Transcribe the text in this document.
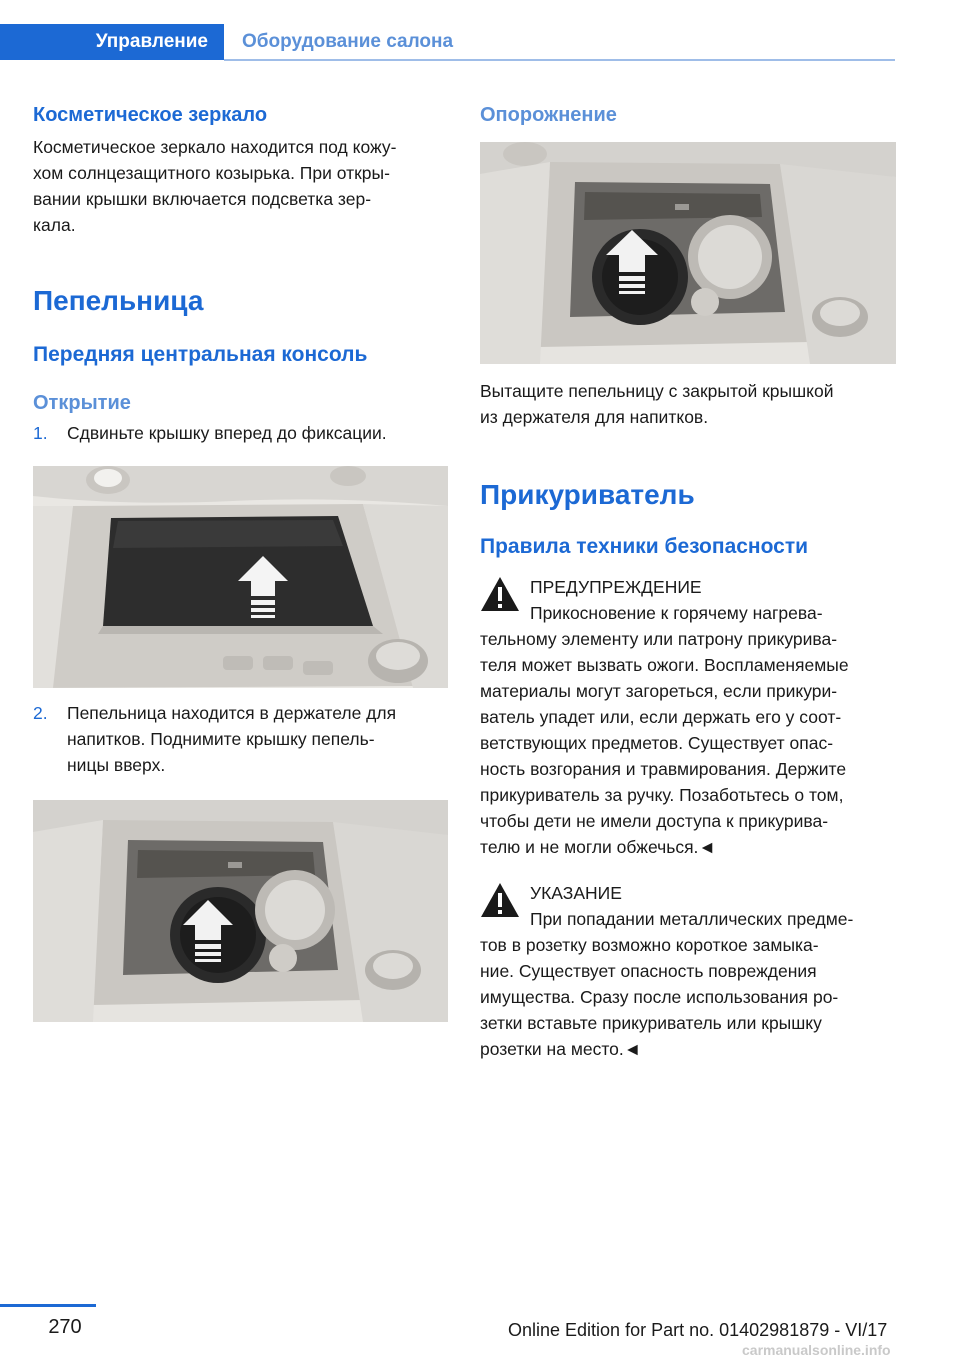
Управление	Оборудование салона
Косметическое зеркало

Косметическое зеркало находится под кожу-
хом солнцезащитного козырька. При откры-
вании крышки включается подсветка зер-
кала.

Пепельница
Передняя центральная консоль
Открытие
1. Сдвиньте крышку вперед до фиксации.
2. Пепельница находится в держателе для
напитков. Поднимите крышку пепель-
ницы вверх.
Опорожнение

Вытащите пепельницу с закрытой крышкой
из держателя для напитков.

Прикуриватель
Правила техники безопасности
ПРЕДУПРЕЖДЕНИЕ
Прикосновение к горячему нагрева-
тельному элементу или патрону прикурива-
теля может вызвать ожоги. Воспламеняемые
материалы могут загореться, если прикури-
ватель упадет или, если держать его у соот-
ветствующих предметов. Существует опас-
ность возгорания и травмирования. Держите
прикуриватель за ручку. Позаботьтесь о том,
чтобы дети не имели доступа к прикурива-
телю и не могли обжечься.◄
УКАЗАНИЕ
При попадании металлических предме-
тов в розетку возможно короткое замыка-
ние. Существует опасность повреждения
имущества. Сразу после использования ро-
зетки вставьте прикуриватель или крышку
розетки на место.◄
270	Online Edition for Part no. 01402981879 - VI/17
carmanualsonline.info
